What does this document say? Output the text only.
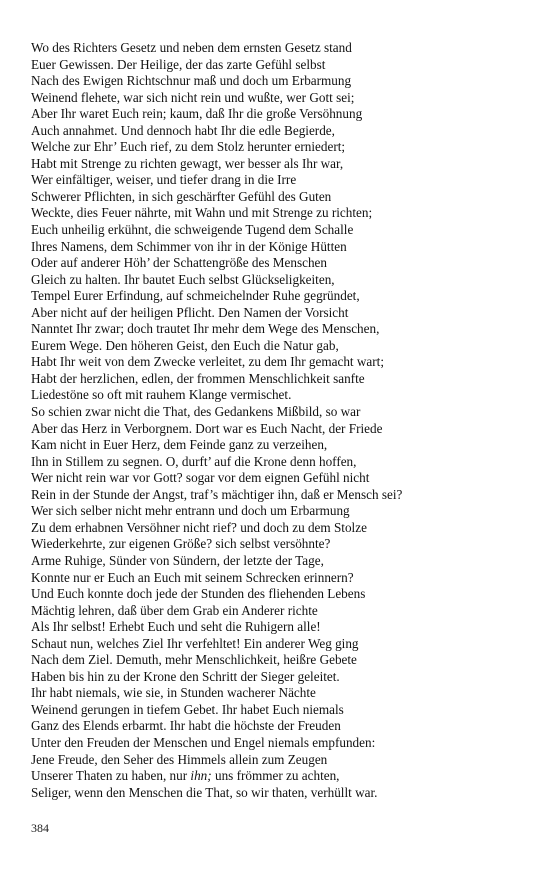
Wo des Richters Gesetz und neben dem ernsten Gesetz stand
Euer Gewissen. Der Heilige, der das zarte Gefühl selbst
Nach des Ewigen Richtschnur maß und doch um Erbarmung
Weinend flehete, war sich nicht rein und wußte, wer Gott sei;
Aber Ihr waret Euch rein; kaum, daß Ihr die große Versöhnung
Auch annahmet. Und dennoch habt Ihr die edle Begierde,
Welche zur Ehr’ Euch rief, zu dem Stolz herunter erniedert;
Habt mit Strenge zu richten gewagt, wer besser als Ihr war,
Wer einfältiger, weiser, und tiefer drang in die Irre
Schwerer Pflichten, in sich geschärfter Gefühl des Guten
Weckte, dies Feuer nährte, mit Wahn und mit Strenge zu richten;
Euch unheilig erkühnt, die schweigende Tugend dem Schalle
Ihres Namens, dem Schimmer von ihr in der Könige Hütten
Oder auf anderer Höh’ der Schattengröße des Menschen
Gleich zu halten. Ihr bautet Euch selbst Glückseligkeiten,
Tempel Eurer Erfindung, auf schmeichelnder Ruhe gegründet,
Aber nicht auf der heiligen Pflicht. Den Namen der Vorsicht
Nanntet Ihr zwar; doch trautet Ihr mehr dem Wege des Menschen,
Eurem Wege. Den höheren Geist, den Euch die Natur gab,
Habt Ihr weit von dem Zwecke verleitet, zu dem Ihr gemacht wart;
Habt der herzlichen, edlen, der frommen Menschlichkeit sanfte
Liedestöne so oft mit rauhem Klange vermischet.
So schien zwar nicht die That, des Gedankens Mißbild, so war
Aber das Herz in Verborgnem. Dort war es Euch Nacht, der Friede
Kam nicht in Euer Herz, dem Feinde ganz zu verzeihen,
Ihn in Stillem zu segnen. O, durft’ auf die Krone denn hoffen,
Wer nicht rein war vor Gott? sogar vor dem eignen Gefühl nicht
Rein in der Stunde der Angst, traf’s mächtiger ihn, daß er Mensch sei?
Wer sich selber nicht mehr entrann und doch um Erbarmung
Zu dem erhabnen Versöhner nicht rief? und doch zu dem Stolze
Wiederkehrte, zur eigenen Größe? sich selbst versöhnte?
Arme Ruhige, Sünder von Sündern, der letzte der Tage,
Konnte nur er Euch an Euch mit seinem Schrecken erinnern?
Und Euch konnte doch jede der Stunden des fliehenden Lebens
Mächtig lehren, daß über dem Grab ein Anderer richte
Als Ihr selbst! Erhebt Euch und seht die Ruhigern alle!
Schaut nun, welches Ziel Ihr verfehltet! Ein anderer Weg ging
Nach dem Ziel. Demuth, mehr Menschlichkeit, heißre Gebete
Haben bis hin zu der Krone den Schritt der Sieger geleitet.
Ihr habt niemals, wie sie, in Stunden wacherer Nächte
Weinend gerungen in tiefem Gebet. Ihr habet Euch niemals
Ganz des Elends erbarmt. Ihr habt die höchste der Freuden
Unter den Freuden der Menschen und Engel niemals empfunden:
Jene Freude, den Seher des Himmels allein zum Zeugen
Unserer Thaten zu haben, nur ihn; uns frömmer zu achten,
Seliger, wenn den Menschen die That, so wir thaten, verhüllt war.
384
